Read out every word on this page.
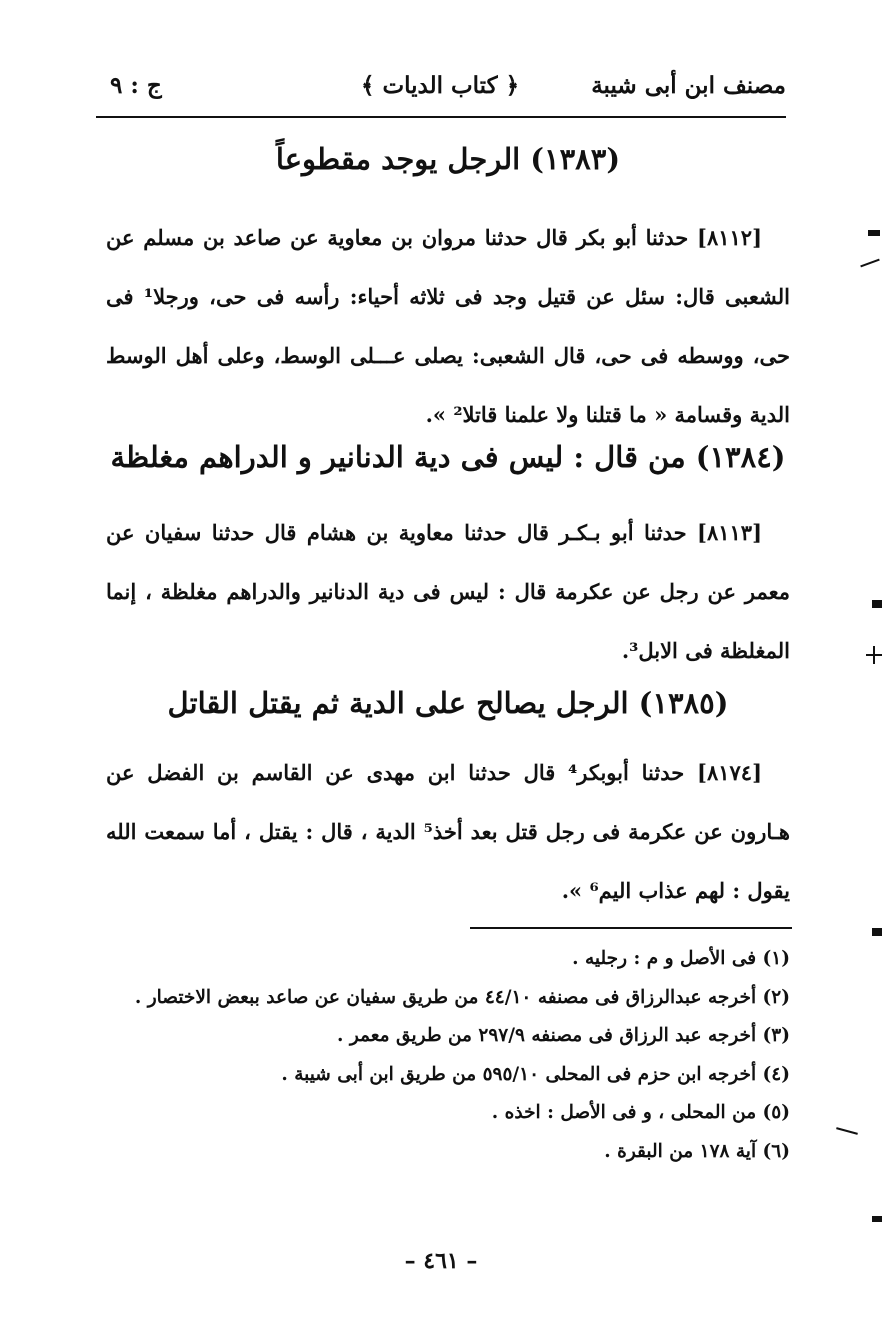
مصنف ابن أبى شيبة
﴿ كتاب الديات ﴾
ج : ٩
(١٣٨٣) الرجل يوجد مقطوعاً
[٨١١٢] حدثنا أبو بكر قال حدثنا مروان بن معاوية عن صاعد بن مسلم عن الشعبى قال: سئل عن قتيل وجد فى ثلاثه أحياء: رأسه فى حى، ورجلا¹ فى حى، ووسطه فى حى، قال الشعبى: يصلى عـــلى الوسط، وعلى أهل الوسط الدية وقسامة « ما قتلنا ولا علمنا قاتلا² ».
(١٣٨٤) من قال : ليس فى دية الدنانير و الدراهم مغلظة
[٨١١٣] حدثنا أبو بـكـر قال حدثنا معاوية بن هشام قال حدثنا سفيان عن معمر عن رجل عن عكرمة قال : ليس فى دية الدنانير والدراهم مغلظة ، إنما المغلظة فى الابل³.
(١٣٨٥) الرجل يصالح على الدية ثم يقتل القاتل
[٨١٧٤] حدثنا أبوبكر⁴ قال حدثنا ابن مهدى عن القاسم بن الفضل عن هـارون عن عكرمة فى رجل قتل بعد أخذ⁵ الدية ، قال : يقتل ، أما سمعت الله يقول : لهم عذاب اليم⁶ ».
(١) فى الأصل و م : رجليه .
(٢) أخرجه عبدالرزاق فى مصنفه ٤٤/١٠ من طريق سفيان عن صاعد ببعض الاختصار .
(٣) أخرجه عبد الرزاق فى مصنفه ٢٩٧/٩ من طريق معمر .
(٤) أخرجه ابن حزم فى المحلى ٥٩٥/١٠ من طريق ابن أبى شيبة .
(٥) من المحلى ، و فى الأصل : اخذه .
(٦) آية ١٧٨ من البقرة .
– ٤٦١ –
